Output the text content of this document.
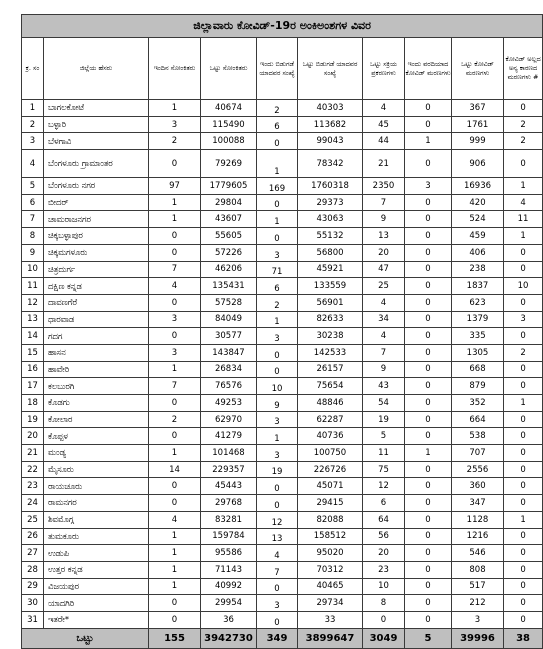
ಜಿಲ್ಲಾವಾರು ಕೋವಿಡ್-19ರ ಅಂಕಿಅಂಶಗಳ ವಿವರ									
ಕ್ರ. ಸಂ	ಜಿಲ್ಲೆಯ ಹೆಸರು	ಇಂದಿನ ಸೋಂಕಿತರು	ಒಟ್ಟು ಸೋಂಕಿತರು	ಇಂದು ಬಿಡುಗಡೆ ಯಾದವರ ಸಂಖ್ಯೆ	ಒಟ್ಟು ಬಿಡುಗಡೆ ಯಾದವರ ಸಂಖ್ಯೆ	ಒಟ್ಟು ಸಕ್ರಿಯ ಪ್ರಕರಣಗಳು	ಇಂದು ವರದಿಯಾದ ಕೋವಿಡ್ ಮರಣಗಳು	ಒಟ್ಟು ಕೋವಿಡ್ ಮರಣಗಳು	ಕೋವಿಡ್ ಅಲ್ಲದ ಅನ್ಯ ಕಾರಣದ ಮರಣಗಳು #
1	ಬಾಗಲಕೋಟೆ	1	40674	2	40303	4	0	367	0
2	ಬಳ್ಳಾರಿ	3	115490	6	113682	45	0	1761	2
3	ಬೆಳಗಾವಿ	2	100088	0	99043	44	1	999	2
4	ಬೆಂಗಳೂರು ಗ್ರಾಮಾಂತರ	0	79269	1	78342	21	0	906	0
5	ಬೆಂಗಳೂರು ನಗರ	97	1779605	169	1760318	2350	3	16936	1
6	ಬೀದರ್	1	29804	0	29373	7	0	420	4
7	ಚಾಮರಾಜನಗರ	1	43607	1	43063	9	0	524	11
8	ಚಿಕ್ಕಬಳ್ಳಾಪುರ	0	55605	0	55132	13	0	459	1
9	ಚಿಕ್ಕಮಗಳೂರು	0	57226	3	56800	20	0	406	0
10	ಚಿತ್ರದುರ್ಗ	7	46206	71	45921	47	0	238	0
11	ದಕ್ಷಿಣ ಕನ್ನಡ	4	135431	6	133559	25	0	1837	10
12	ದಾವಣಗೆರೆ	0	57528	2	56901	4	0	623	0
13	ಧಾರವಾಡ	3	84049	1	82633	34	0	1379	3
14	ಗದಗ	0	30577	3	30238	4	0	335	0
15	ಹಾಸನ	3	143847	0	142533	7	0	1305	2
16	ಹಾವೇರಿ	1	26834	0	26157	9	0	668	0
17	ಕಲಬುರಗಿ	7	76576	10	75654	43	0	879	0
18	ಕೊಡಗು	0	49253	9	48846	54	0	352	1
19	ಕೋಲಾರ	2	62970	3	62287	19	0	664	0
20	ಕೊಪ್ಪಳ	0	41279	1	40736	5	0	538	0
21	ಮಂಡ್ಯ	1	101468	3	100750	11	1	707	0
22	ಮೈಸೂರು	14	229357	19	226726	75	0	2556	0
23	ರಾಯಚೂರು	0	45443	0	45071	12	0	360	0
24	ರಾಮನಗರ	0	29768	0	29415	6	0	347	0
25	ಶಿವಮೊಗ್ಗ	4	83281	12	82088	64	0	1128	1
26	ತುಮಕೂರು	1	159784	13	158512	56	0	1216	0
27	ಉಡುಪಿ	1	95586	4	95020	20	0	546	0
28	ಉತ್ತರ ಕನ್ನಡ	1	71143	7	70312	23	0	808	0
29	ವಿಜಯಪುರ	1	40992	0	40465	10	0	517	0
30	ಯಾದಗಿರಿ	0	29954	3	29734	8	0	212	0
31	ಇತರೇ*	0	36	0	33	0	0	3	0
ಒಟ್ಟು		155	3942730	349	3899647	3049	5	39996	38
